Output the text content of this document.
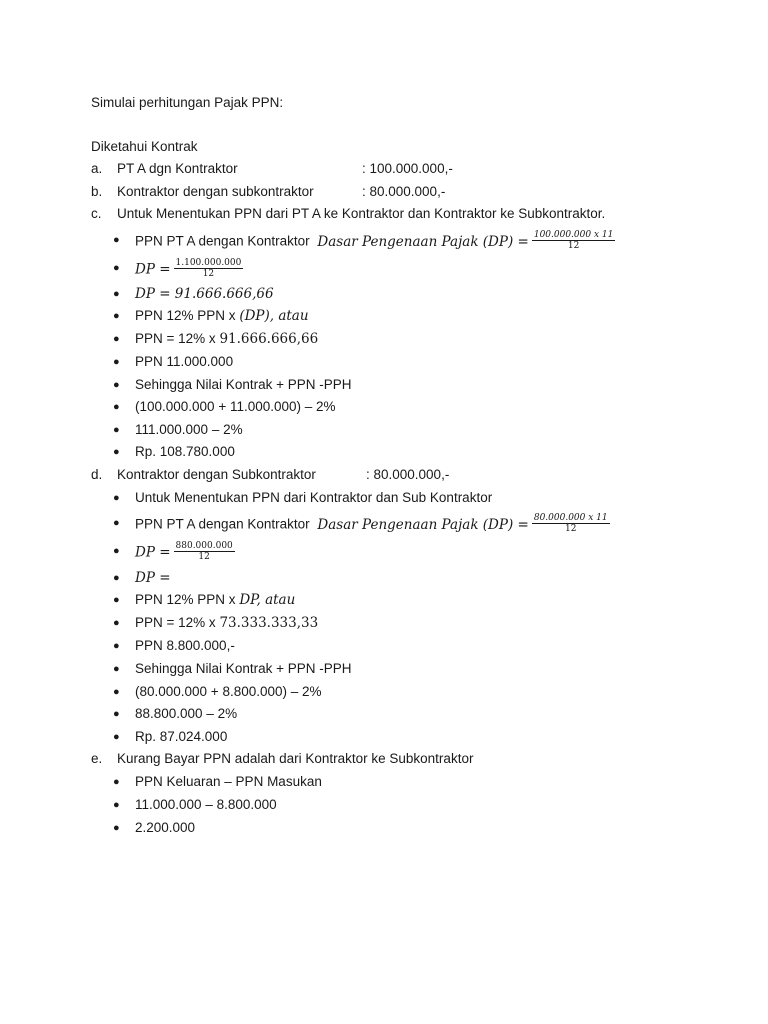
Simulai perhitungan Pajak PPN:
Diketahui Kontrak
a. PT A dgn Kontraktor	: 100.000.000,-
b. Kontraktor dengan subkontraktor	: 80.000.000,-
c. Untuk Menentukan PPN dari PT A ke Kontraktor dan Kontraktor ke Subkontraktor.
● PPN PT A dengan Kontraktor Dasar Pengenaan Pajak $(DP) = \frac{100.000.000 x 11}{12}$
● DP = $\frac{1.100.000.000}{12}$
● DP = 91.666.666,66
● PPN 12% PPN x (DP), atau
● PPN = 12% x 91.666.666,66
● PPN 11.000.000
● Sehingga Nilai Kontrak + PPN -PPH
● (100.000.000 + 11.000.000) – 2%
● 111.000.000 – 2%
● Rp. 108.780.000
d. Kontraktor dengan Subkontraktor	: 80.000.000,-
● Untuk Menentukan PPN dari Kontraktor dan Sub Kontraktor
● PPN PT A dengan Kontraktor Dasar Pengenaan Pajak $(DP) = \frac{80.000.000 x 11}{12}$
● DP = $\frac{880.000.000}{12}$
● DP =
● PPN 12% PPN x DP, atau
● PPN = 12% x 73.333.333,33
● PPN 8.800.000,-
● Sehingga Nilai Kontrak + PPN -PPH
● (80.000.000 + 8.800.000) – 2%
● 88.800.000 – 2%
● Rp. 87.024.000
e. Kurang Bayar PPN adalah dari Kontraktor ke Subkontraktor
● PPN Keluaran – PPN Masukan
● 11.000.000 – 8.800.000
● 2.200.000
